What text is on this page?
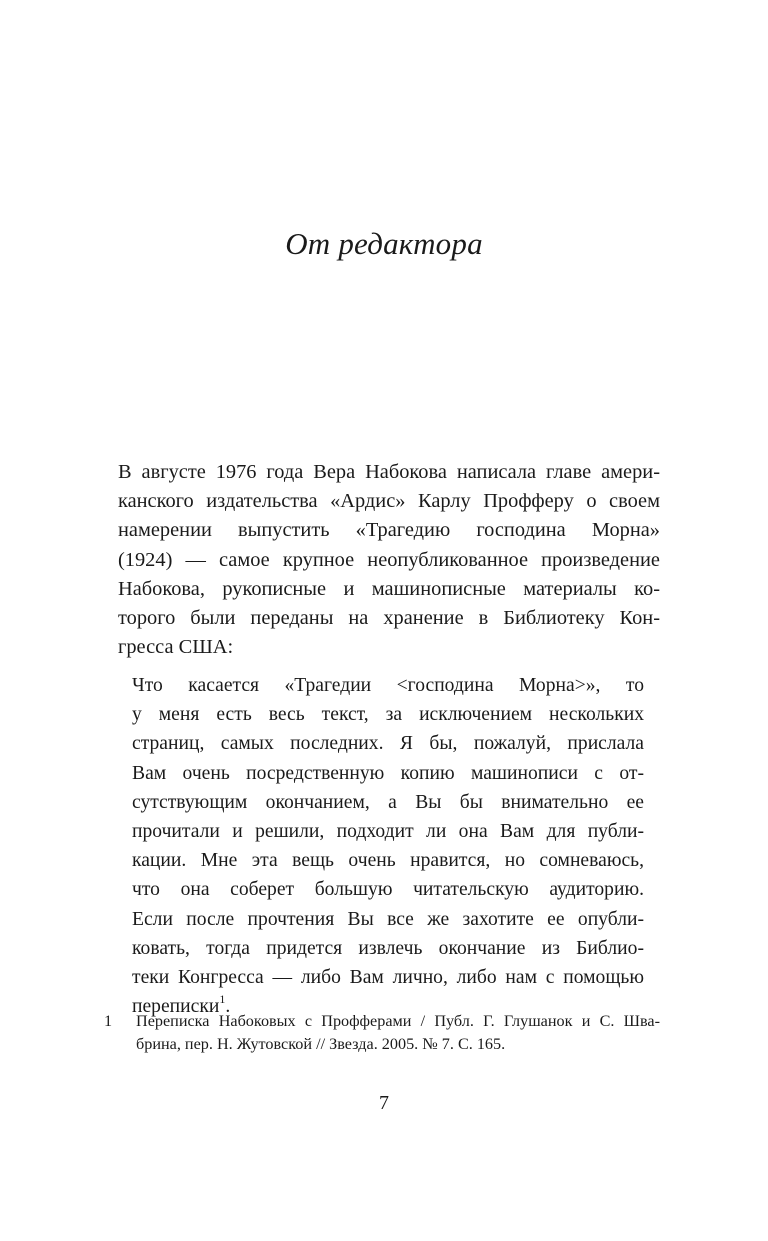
От редактора
В августе 1976 года Вера Набокова написала главе амери-
канского издательства «Ардис» Карлу Профферу о своем
намерении выпустить «Трагедию господина Морна»
(1924) — самое крупное неопубликованное произведение
Набокова, рукописные и машинописные материалы ко-
торого были переданы на хранение в Библиотеку Кон-
гресса США:
Что касается «Трагедии <господина Морна>», то
у меня есть весь текст, за исключением нескольких
страниц, самых последних. Я бы, пожалуй, прислала
Вам очень посредственную копию машинописи с от-
сутствующим окончанием, а Вы бы внимательно ее
прочитали и решили, подходит ли она Вам для публи-
кации. Мне эта вещь очень нравится, но сомневаюсь,
что она соберет большую читательскую аудиторию.
Если после прочтения Вы все же захотите ее опубли-
ковать, тогда придется извлечь окончание из Библио-
теки Конгресса — либо Вам лично, либо нам с помощью
переписки$^1$.
1	Переписка Набоковых с Профферами / Публ. Г. Глушанок и С. Шва-
брина, пер. Н. Жутовской // Звезда. 2005. № 7. С. 165.
7
